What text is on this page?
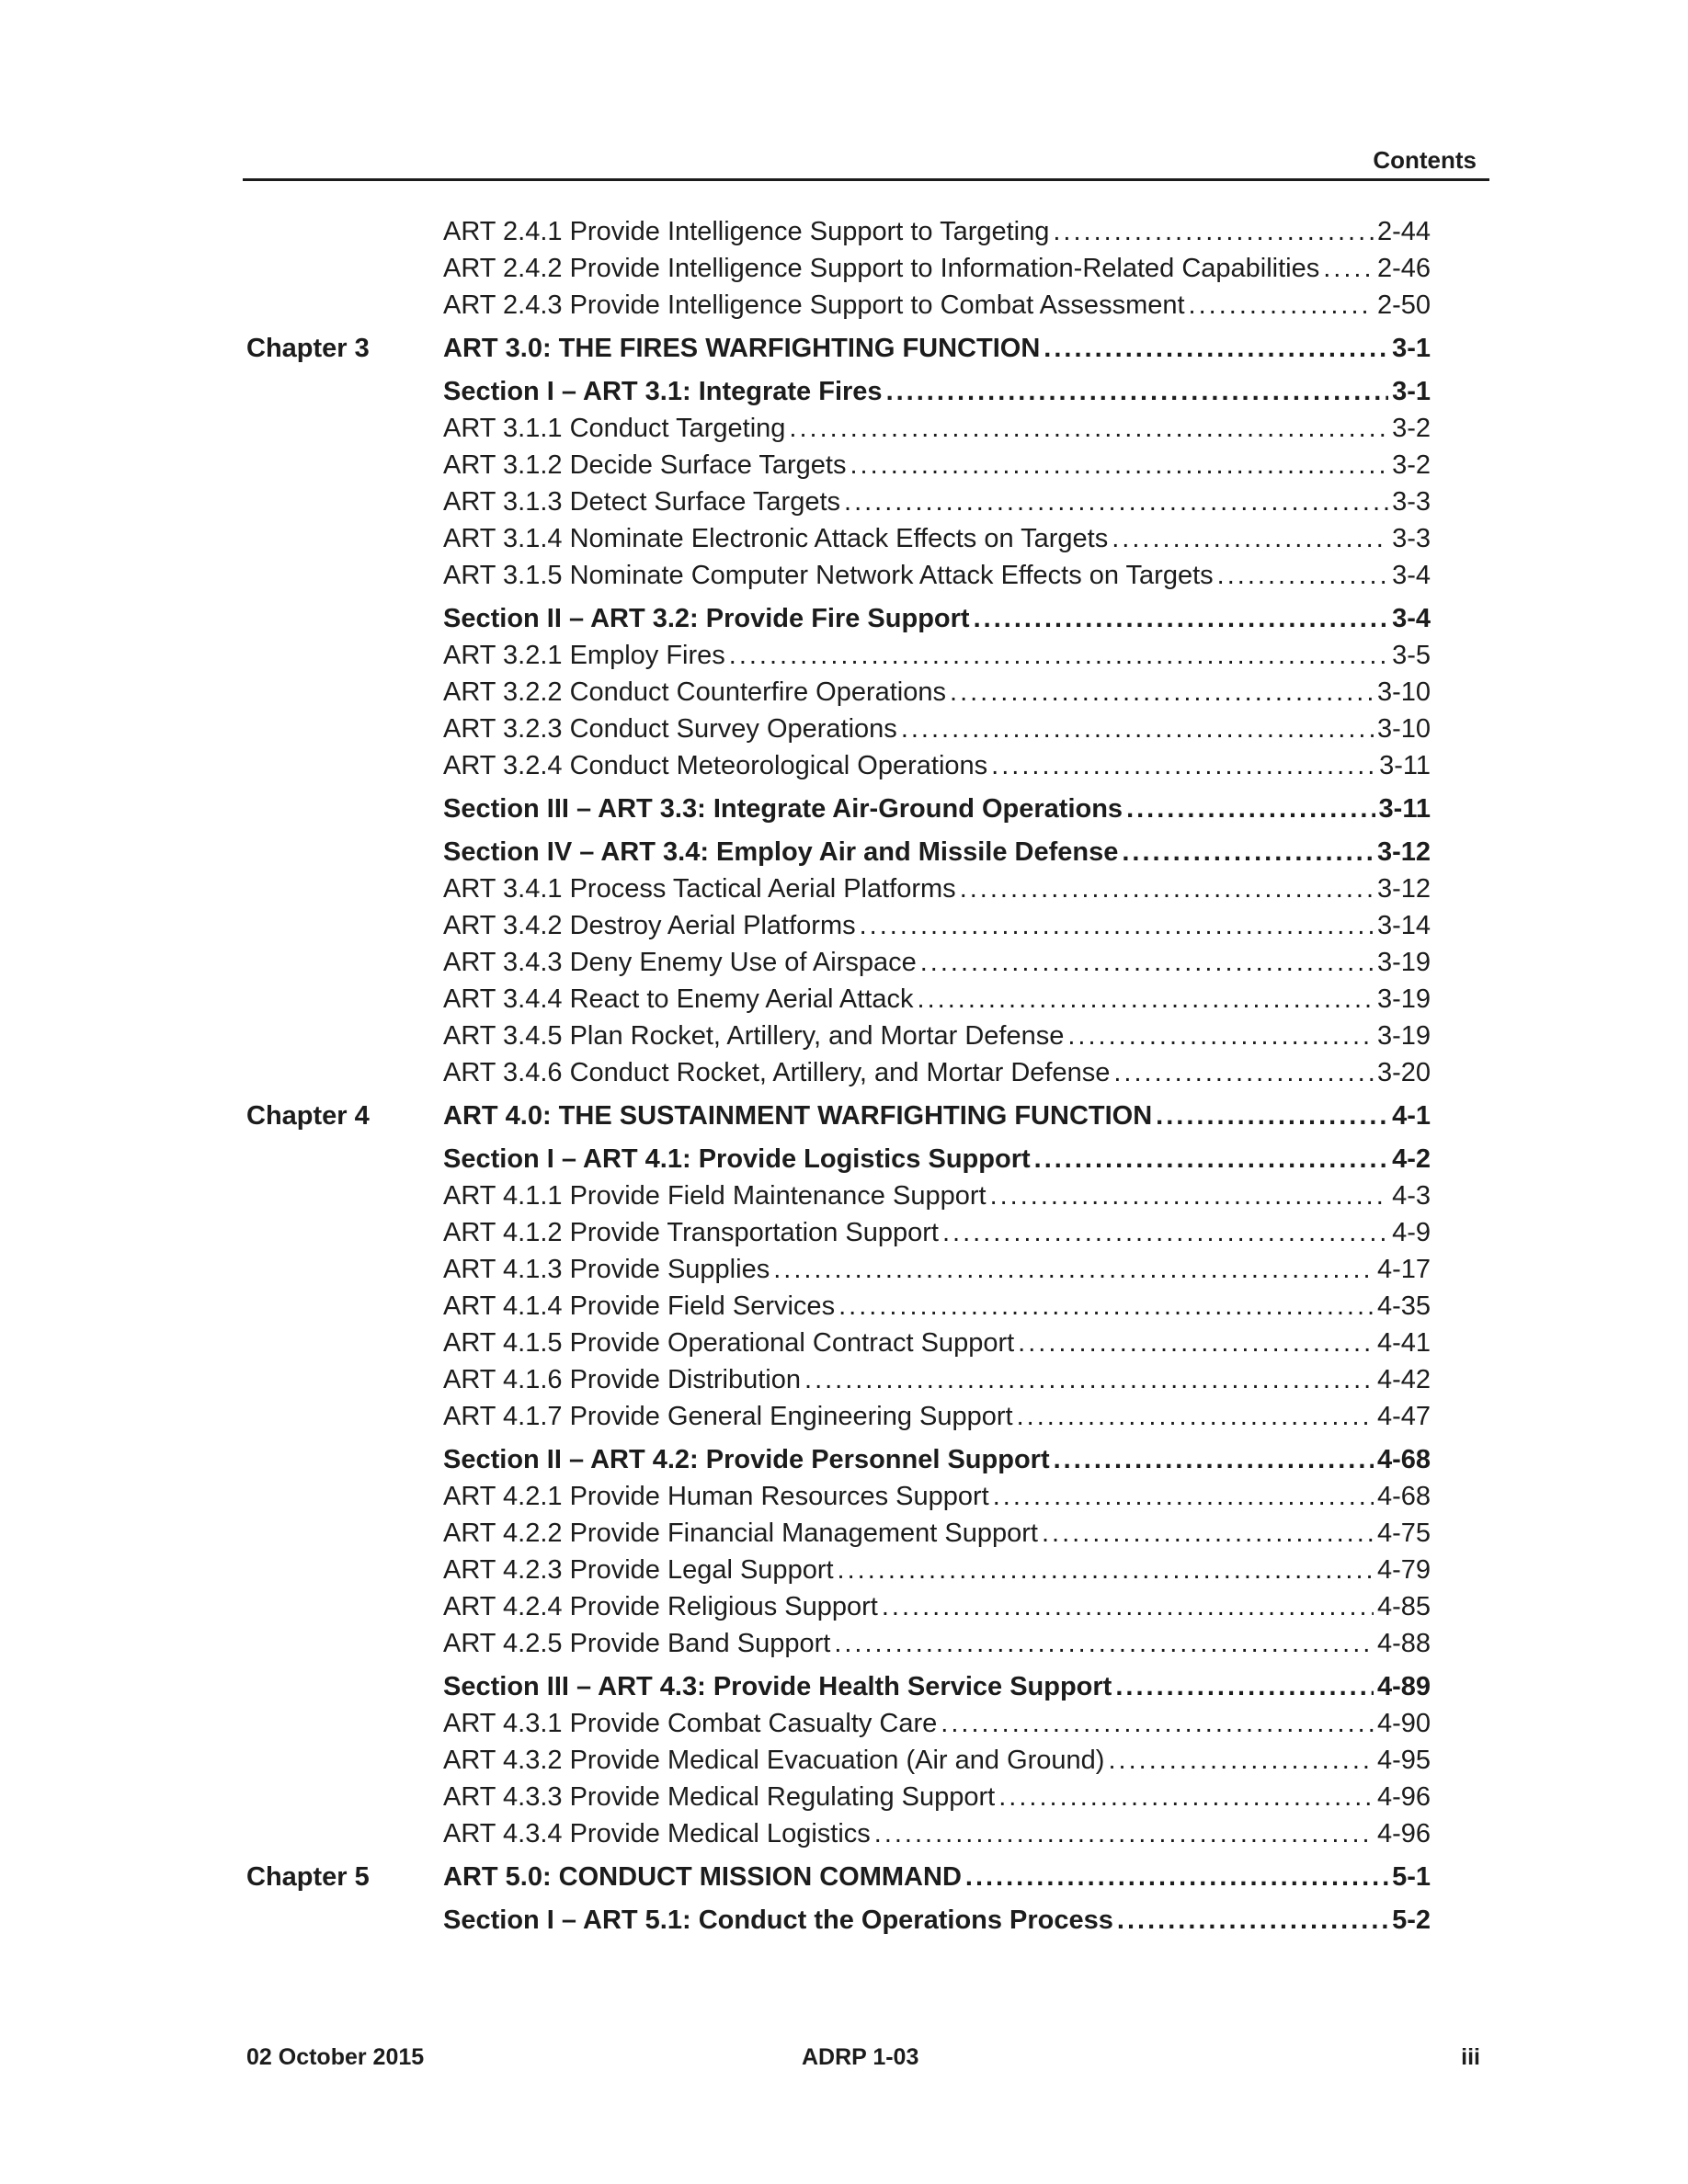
Contents
ART 2.4.1 Provide Intelligence Support to Targeting .....	2-44
ART 2.4.2 Provide Intelligence Support to Information-Related Capabilities ..... 2-46
ART 2.4.3 Provide Intelligence Support to Combat Assessment .....	2-50
Chapter 3	ART 3.0: THE FIRES WARFIGHTING FUNCTION .....	3-1
Section I – ART 3.1: Integrate Fires .....	3-1
ART 3.1.1 Conduct Targeting .....	3-2
ART 3.1.2 Decide Surface Targets .....	3-2
ART 3.1.3 Detect Surface Targets .....	3-3
ART 3.1.4 Nominate Electronic Attack Effects on Targets .....	3-3
ART 3.1.5 Nominate Computer Network Attack Effects on Targets .....	3-4
Section II – ART 3.2: Provide Fire Support .....	3-4
ART 3.2.1 Employ Fires .....	3-5
ART 3.2.2 Conduct Counterfire Operations .....	3-10
ART 3.2.3 Conduct Survey Operations .....	3-10
ART 3.2.4 Conduct Meteorological Operations .....	3-11
Section III – ART 3.3: Integrate Air-Ground Operations .....	3-11
Section IV – ART 3.4: Employ Air and Missile Defense .....	3-12
ART 3.4.1 Process Tactical Aerial Platforms .....	3-12
ART 3.4.2 Destroy Aerial Platforms .....	3-14
ART 3.4.3 Deny Enemy Use of Airspace .....	3-19
ART 3.4.4 React to Enemy Aerial Attack .....	3-19
ART 3.4.5 Plan Rocket, Artillery, and Mortar Defense .....	3-19
ART 3.4.6 Conduct Rocket, Artillery, and Mortar Defense .....	3-20
Chapter 4	ART 4.0: THE SUSTAINMENT WARFIGHTING FUNCTION .....	4-1
Section I – ART 4.1: Provide Logistics Support .....	4-2
ART 4.1.1 Provide Field Maintenance Support .....	4-3
ART 4.1.2 Provide Transportation Support .....	4-9
ART 4.1.3 Provide Supplies .....	4-17
ART 4.1.4 Provide Field Services .....	4-35
ART 4.1.5 Provide Operational Contract Support .....	4-41
ART 4.1.6 Provide Distribution .....	4-42
ART 4.1.7 Provide General Engineering Support .....	4-47
Section II – ART 4.2: Provide Personnel Support .....	4-68
ART 4.2.1 Provide Human Resources Support .....	4-68
ART 4.2.2 Provide Financial Management Support .....	4-75
ART 4.2.3 Provide Legal Support .....	4-79
ART 4.2.4 Provide Religious Support .....	4-85
ART 4.2.5 Provide Band Support .....	4-88
Section III – ART 4.3: Provide Health Service Support .....	4-89
ART 4.3.1 Provide Combat Casualty Care .....	4-90
ART 4.3.2 Provide Medical Evacuation (Air and Ground) .....	4-95
ART 4.3.3 Provide Medical Regulating Support .....	4-96
ART 4.3.4 Provide Medical Logistics .....	4-96
Chapter 5	ART 5.0: CONDUCT MISSION COMMAND .....	5-1
Section I – ART 5.1: Conduct the Operations Process .....	5-2
02 October 2015	ADRP 1-03	iii
